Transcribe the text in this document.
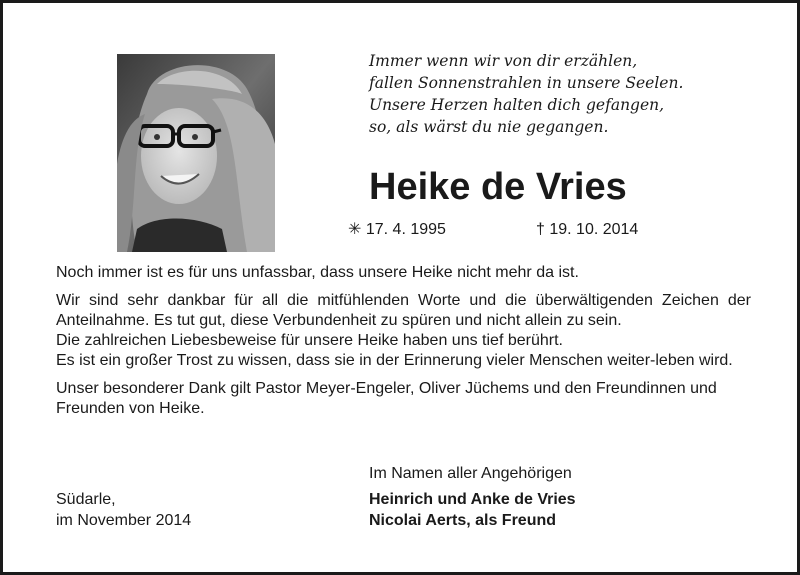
Immer wenn wir von dir erzählen,
fallen Sonnenstrahlen in unsere Seelen.
Unsere Herzen halten dich gefangen,
so, als wärst du nie gegangen.
Heike de Vries
✳ 17. 4. 1995	† 19. 10. 2014

Noch immer ist es für uns unfassbar, dass unsere Heike nicht mehr da ist.

Wir sind sehr dankbar für all die mitfühlenden Worte und die überwältigenden Zeichen der Anteilnahme. Es tut gut, diese Verbundenheit zu spüren und nicht allein zu sein.

Die zahlreichen Liebesbeweise für unsere Heike haben uns tief berührt.

Es ist ein großer Trost zu wissen, dass sie in der Erinnerung vieler Menschen weiter-leben wird.

Unser besonderer Dank gilt Pastor Meyer-Engeler, Oliver Jüchems und den Freundinnen und Freunden von Heike.

Im Namen aller Angehörigen
Südarle,
im November 2014
Heinrich und Anke de Vries
Nicolai Aerts, als Freund
